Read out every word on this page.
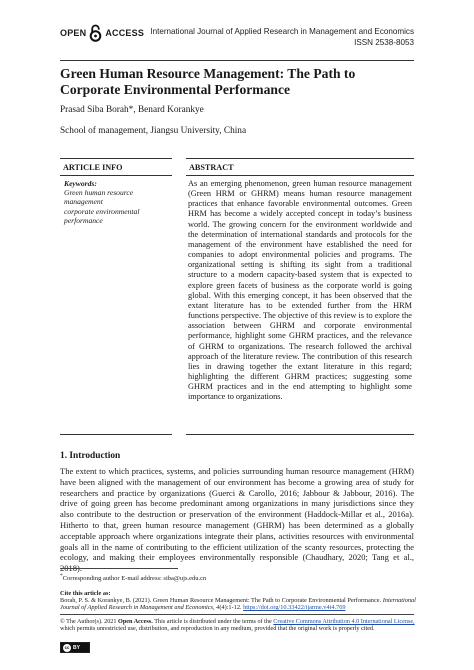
OPEN ACCESS International Journal of Applied Research in Management and Economics
ISSN 2538-8053
Green Human Resource Management: The Path to Corporate Environmental Performance
Prasad Siba Borah*, Benard Korankye
School of management, Jiangsu University, China
ARTICLE INFO
Keywords:
Green human resource
management
corporate environmental
performance
ABSTRACT

As an emerging phenomenon, green human resource management (Green HRM or GHRM) means human resource management practices that enhance favorable environmental outcomes. Green HRM has become a widely accepted concept in today’s business world. The growing concern for the environment worldwide and the determination of international standards and protocols for the management of the environment have established the need for companies to adopt environmental policies and programs. The organizational setting is shifting its sight from a traditional structure to a modern capacity-based system that is expected to explore green facets of business as the corporate world is going global. With this emerging concept, it has been observed that the extant literature has to be extended further from the HRM functions perspective. The objective of this review is to explore the association between GHRM and corporate environmental performance, highlight some GHRM practices, and the relevance of GHRM to organizations. The research followed the archival approach of the literature review. The contribution of this research lies in drawing together the extant literature in this regard; highlighting the different GHRM practices; suggesting some GHRM practices and in the end attempting to highlight some importance to organizations.

1. Introduction

The extent to which practices, systems, and policies surrounding human resource management (HRM) have been aligned with the management of our environment has become a growing area of study for researchers and practice by organizations (Guerci & Carollo, 2016; Jabbour & Jabbour, 2016). The drive of going green has become predominant among organizations in many jurisdictions since they also contribute to the destruction or preservation of the environment (Haddock-Millar et al., 2016a). Hitherto to that, green human resource management (GHRM) has been determined as a globally acceptable approach where organizations integrate their plans, activities resources with environmental goals all in the name of contributing to the efficient utilization of the scanty resources, protecting the ecology, and making their employees environmentally responsible (Chaudhary, 2020; Tang et al., 2018).

*Corresponding author E-mail address: siba@ujs.edu.cn
Cite this article as:
Borah, P. S. & Korankye, B. (2021). Green Human Resource Management: The Path to Corporate Environmental Performance. International Journal of Applied Research in Management and Economics, 4(4):1-12. https://doi.org/10.33422/ijarme.v4i4.769
© The Author(s). 2021 Open Access. This article is distributed under the terms of the Creative Commons Attribution 4.0 International License, which permits unrestricted use, distribution, and reproduction in any medium, provided that the original work is properly cited.
cc BY
